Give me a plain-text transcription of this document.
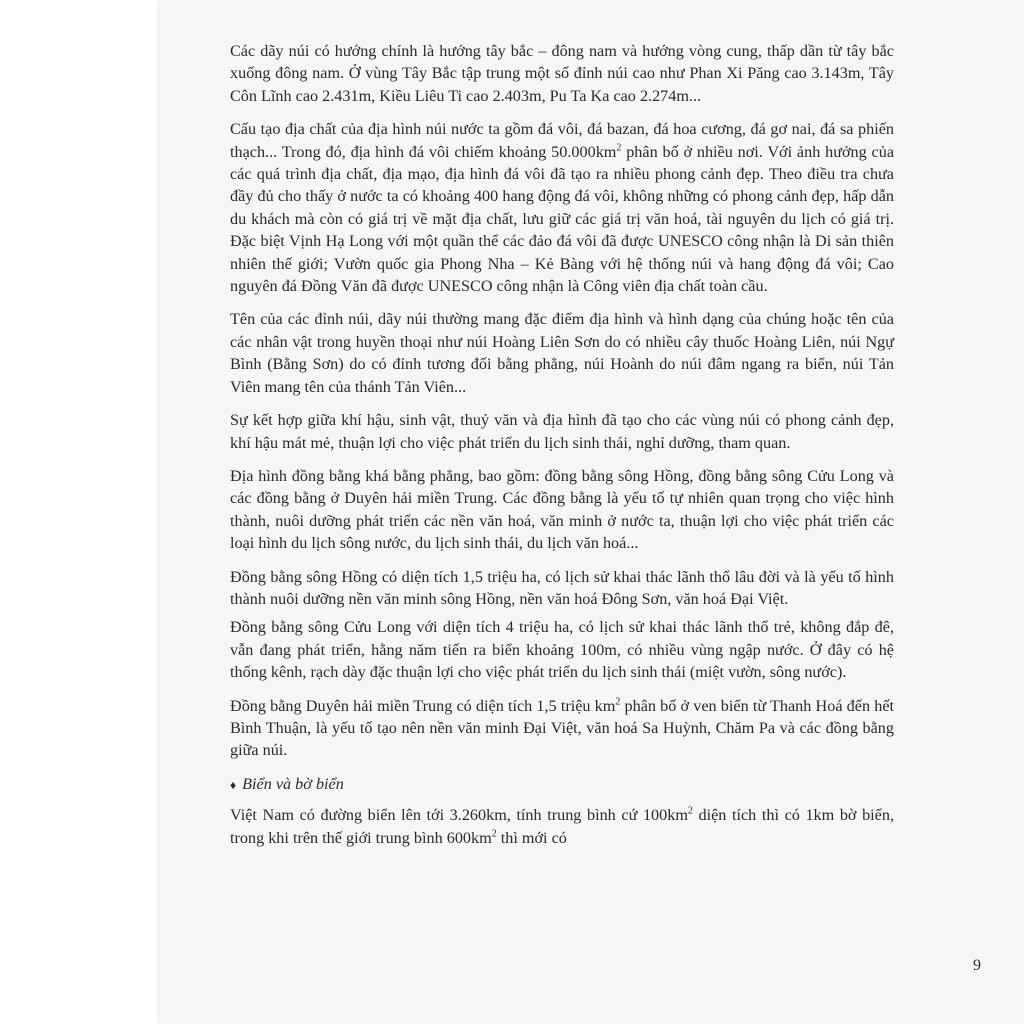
Các dãy núi có hướng chính là hướng tây bắc – đông nam và hướng vòng cung, thấp dần từ tây bắc xuống đông nam. Ở vùng Tây Bắc tập trung một số đỉnh núi cao như Phan Xi Păng cao 3.143m, Tây Côn Lĩnh cao 2.431m, Kiều Liêu Ti cao 2.403m, Pu Ta Ka cao 2.274m...

Cấu tạo địa chất của địa hình núi nước ta gồm đá vôi, đá bazan, đá hoa cương, đá gơ nai, đá sa phiến thạch... Trong đó, địa hình đá vôi chiếm khoảng $50.000km^2$ phân bố ở nhiều nơi. Với ảnh hưởng của các quá trình địa chất, địa mạo, địa hình đá vôi đã tạo ra nhiều phong cảnh đẹp. Theo điều tra chưa đầy đủ cho thấy ở nước ta có khoảng 400 hang động đá vôi, không những có phong cảnh đẹp, hấp dẫn du khách mà còn có giá trị về mặt địa chất, lưu giữ các giá trị văn hoá, tài nguyên du lịch có giá trị. Đặc biệt Vịnh Hạ Long với một quần thể các đảo đá vôi đã được UNESCO công nhận là Di sản thiên nhiên thế giới; Vườn quốc gia Phong Nha – Kẻ Bàng với hệ thống núi và hang động đá vôi; Cao nguyên đá Đồng Văn đã được UNESCO công nhận là Công viên địa chất toàn cầu.

Tên của các đỉnh núi, dãy núi thường mang đặc điểm địa hình và hình dạng của chúng hoặc tên của các nhân vật trong huyền thoại như núi Hoàng Liên Sơn do có nhiều cây thuốc Hoàng Liên, núi Ngự Bình (Bằng Sơn) do có đỉnh tương đối bằng phẳng, núi Hoành do núi đâm ngang ra biển, núi Tản Viên mang tên của thánh Tản Viên...

Sự kết hợp giữa khí hậu, sinh vật, thuỷ văn và địa hình đã tạo cho các vùng núi có phong cảnh đẹp, khí hậu mát mẻ, thuận lợi cho việc phát triển du lịch sinh thái, nghỉ dưỡng, tham quan.

Địa hình đồng bằng khá bằng phẳng, bao gồm: đồng bằng sông Hồng, đồng bằng sông Cửu Long và các đồng bằng ở Duyên hải miền Trung. Các đồng bằng là yếu tố tự nhiên quan trọng cho việc hình thành, nuôi dưỡng phát triển các nền văn hoá, văn minh ở nước ta, thuận lợi cho việc phát triển các loại hình du lịch sông nước, du lịch sinh thái, du lịch văn hoá...

Đồng bằng sông Hồng có diện tích 1,5 triệu ha, có lịch sử khai thác lãnh thổ lâu đời và là yếu tố hình thành nuôi dưỡng nền văn minh sông Hồng, nền văn hoá Đông Sơn, văn hoá Đại Việt.

Đồng bằng sông Cửu Long với diện tích 4 triệu ha, có lịch sử khai thác lãnh thổ trẻ, không đắp đê, vẫn đang phát triển, hằng năm tiến ra biển khoảng 100m, có nhiều vùng ngập nước. Ở đây có hệ thống kênh, rạch dày đặc thuận lợi cho việc phát triển du lịch sinh thái (miệt vườn, sông nước).

Đồng bằng Duyên hải miền Trung có diện tích 1,5 triệu $km^2$ phân bố ở ven biển từ Thanh Hoá đến hết Bình Thuận, là yếu tố tạo nên nền văn minh Đại Việt, văn hoá Sa Huỳnh, Chăm Pa và các đồng bằng giữa núi.

♦ Biển và bờ biển

Việt Nam có đường biển lên tới 3.260km, tính trung bình cứ $100km^2$ diện tích thì có 1km bờ biển, trong khi trên thế giới trung bình $600km^2$ thì mới có

9
